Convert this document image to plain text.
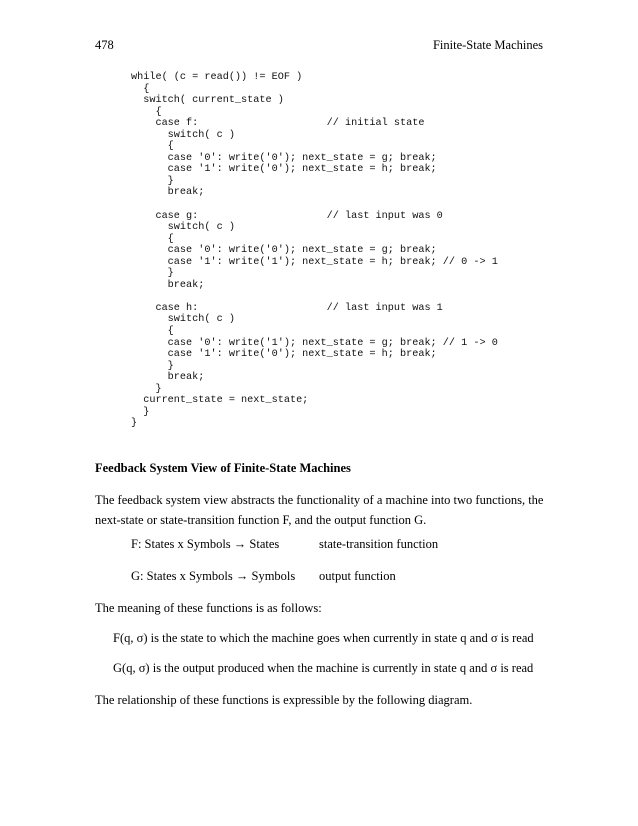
478	Finite-State Machines
while( (c = read()) != EOF )
{
switch( current_state )
{
case f:                     // initial state
switch( c )
{
case '0': write('0'); next_state = g; break;
case '1': write('0'); next_state = h; break;
}
break;

case g:                     // last input was 0
switch( c )
{
case '0': write('0'); next_state = g; break;
case '1': write('1'); next_state = h; break; // 0 -> 1
}
break;

case h:                     // last input was 1
switch( c )
{
case '0': write('1'); next_state = g; break; // 1 -> 0
case '1': write('0'); next_state = h; break;
}
break;
}
current_state = next_state;
}
}
Feedback System View of Finite-State Machines
The feedback system view abstracts the functionality of a machine into two functions, the next-state or state-transition function F, and the output function G.
F: States x Symbols → States	state-transition function
G: States x Symbols → Symbols output function
The meaning of these functions is as follows:
F(q, σ) is the state to which the machine goes when currently in state q and σ is read
G(q, σ) is the output produced when the machine is currently in state q and σ is read
The relationship of these functions is expressible by the following diagram.
